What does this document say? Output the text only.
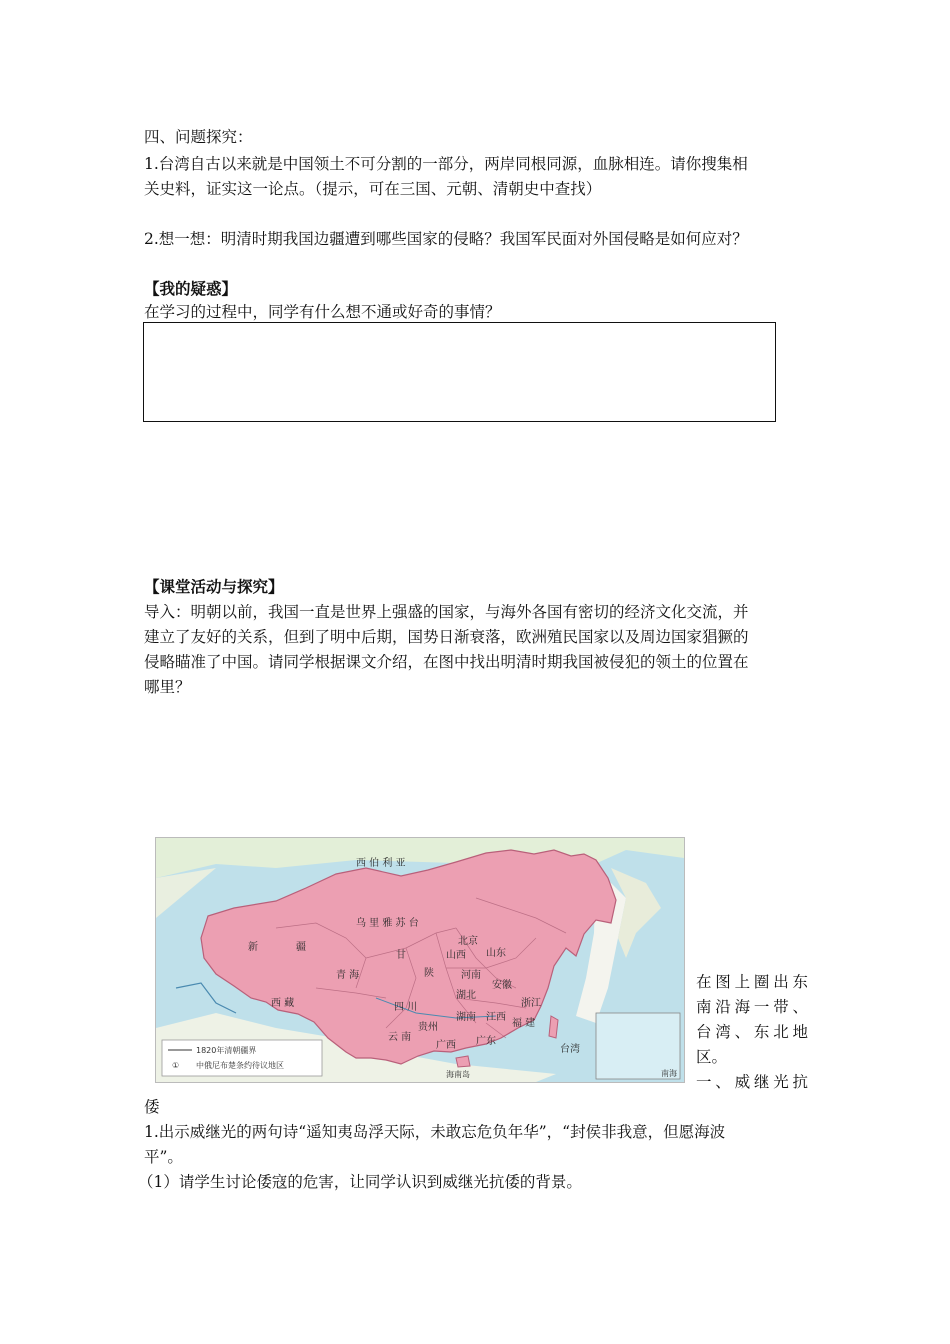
四、问题探究：
1.台湾自古以来就是中国领土不可分割的一部分，两岸同根同源，血脉相连。请你搜集相
关史料，证实这一论点。（提示，可在三国、元朝、清朝史中查找）
2.想一想：明清时期我国边疆遭到哪些国家的侵略？我国军民面对外国侵略是如何应对？
【我的疑惑】
在学习的过程中，同学有什么想不通或好奇的事情？
【课堂活动与探究】
导入：明朝以前，我国一直是世界上强盛的国家，与海外各国有密切的经济文化交流，并
建立了友好的关系，但到了明中后期，国势日渐衰落，欧洲殖民国家以及周边国家猖獗的
侵略瞄准了中国。请同学根据课文介绍，在图中找出明清时期我国被侵犯的领土的位置在
哪里？
西 伯 利 亚
乌 里 雅 苏 台
新	疆
青 海
西 藏	四 川
云 南
贵州
湖南
湖北
江西
福 建
广东
广西
山西 山东
河南
安徽
浙江
甘
陕
台湾
北京
海南岛	南海
1820年清朝疆界
① 中俄尼布楚条约待议地区
在图上圈出东
南沿海一带、
台湾、东北地
区。
一、威继光抗
倭
1.出示威继光的两句诗“遥知夷岛浮天际，未敢忘危负年华”，“封侯非我意，但愿海波
平”。
（1）请学生讨论倭寇的危害，让同学认识到威继光抗倭的背景。
